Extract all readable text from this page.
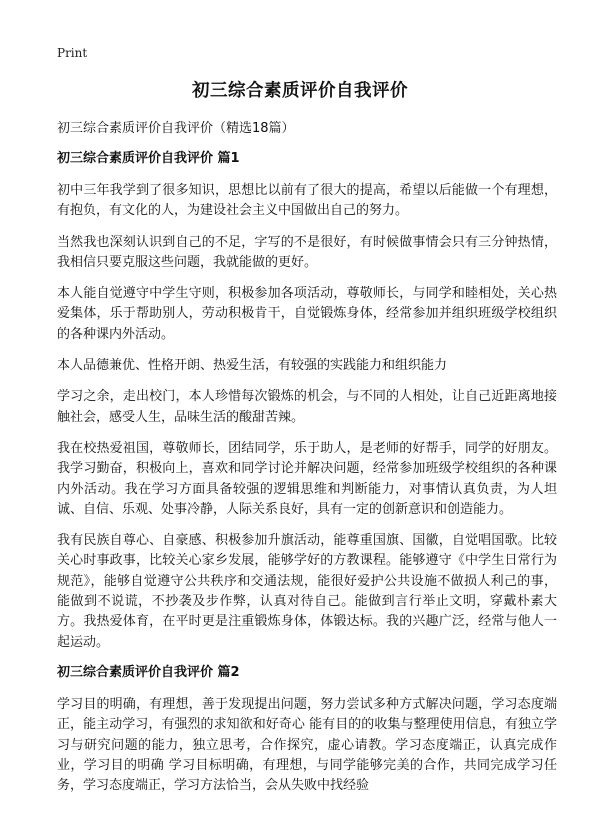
Print
初三综合素质评价自我评价
初三综合素质评价自我评价（精选18篇）
初三综合素质评价自我评价 篇1

初中三年我学到了很多知识，思想比以前有了很大的提高，希望以后能做一个有理想，有抱负，有文化的人，为建设社会主义中国做出自己的努力。

当然我也深刻认识到自己的不足，字写的不是很好，有时候做事情会只有三分钟热情，我相信只要克服这些问题，我就能做的更好。

本人能自觉遵守中学生守则，积极参加各项活动，尊敬师长，与同学和睦相处，关心热爱集体，乐于帮助别人，劳动积极肯干，自觉锻炼身体，经常参加并组织班级学校组织的各种课内外活动。

本人品德兼优、性格开朗、热爱生活，有较强的实践能力和组织能力

学习之余，走出校门，本人珍惜每次锻炼的机会，与不同的人相处，让自己近距离地接触社会，感受人生，品味生活的酸甜苦辣。

我在校热爱祖国，尊敬师长，团结同学，乐于助人，是老师的好帮手，同学的好朋友。我学习勤奋，积极向上，喜欢和同学讨论并解决问题，经常参加班级学校组织的各种课内外活动。我在学习方面具备较强的逻辑思维和判断能力，对事情认真负责，为人坦诚、自信、乐观、处事冷静，人际关系良好，具有一定的创新意识和创造能力。

我有民族自尊心、自豪感、积极参加升旗活动，能尊重国旗、国徽，自觉唱国歌。比较关心时事政事，比较关心家乡发展，能够学好的方教课程。能够遵守《中学生日常行为规范》，能够自觉遵守公共秩序和交通法规，能很好爱护公共设施不做损人利己的事，能做到不说谎，不抄袭及步作弊，认真对待自己。能做到言行举止文明，穿戴朴素大方。我热爱体育，在平时更是注重锻炼身体，体锻达标。我的兴趣广泛，经常与他人一起运动。

初三综合素质评价自我评价 篇2

学习目的明确，有理想，善于发现提出问题，努力尝试多种方式解决问题，学习态度端正，能主动学习，有强烈的求知欲和好奇心 能有目的的收集与整理使用信息，有独立学习与研究问题的能力，独立思考，合作探究，虚心请教。学习态度端正，认真完成作业，学习目的明确 学习目标明确，有理想，与同学能够完美的合作，共同完成学习任务，学习态度端正，学习方法恰当，会从失败中找经验
